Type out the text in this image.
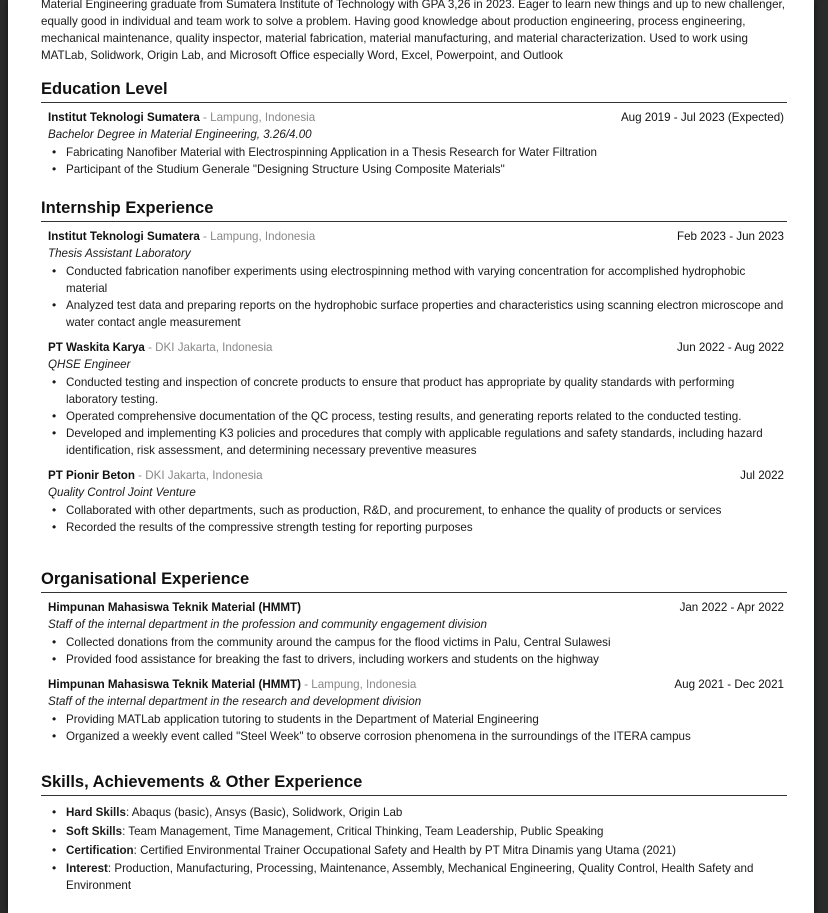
Material Engineering graduate from Sumatera Institute of Technology with GPA 3,26 in 2023. Eager to learn new things and up to new challenger, equally good in individual and team work to solve a problem. Having good knowledge about production engineering, process engineering, mechanical maintenance, quality inspector, material fabrication, material manufacturing, and material characterization. Used to work using MATLab, Solidwork, Origin Lab, and Microsoft Office especially Word, Excel, Powerpoint, and Outlook

Education Level
Institut Teknologi Sumatera - Lampung, Indonesia	Aug 2019 - Jul 2023 (Expected)
Bachelor Degree in Material Engineering, 3.26/4.00
• Fabricating Nanofiber Material with Electrospinning Application in a Thesis Research for Water Filtration
• Participant of the Studium Generale "Designing Structure Using Composite Materials"
Internship Experience
Institut Teknologi Sumatera - Lampung, Indonesia	Feb 2023 - Jun 2023
Thesis Assistant Laboratory
• Conducted fabrication nanofiber experiments using electrospinning method with varying concentration for accomplished hydrophobic material
• Analyzed test data and preparing reports on the hydrophobic surface properties and characteristics using scanning electron microscope and water contact angle measurement
PT Waskita Karya - DKI Jakarta, Indonesia	Jun 2022 - Aug 2022
QHSE Engineer
• Conducted testing and inspection of concrete products to ensure that product has appropriate by quality standards with performing laboratory testing.
• Operated comprehensive documentation of the QC process, testing results, and generating reports related to the conducted testing.
• Developed and implementing K3 policies and procedures that comply with applicable regulations and safety standards, including hazard identification, risk assessment, and determining necessary preventive measures
PT Pionir Beton - DKI Jakarta, Indonesia	Jul 2022
Quality Control Joint Venture
• Collaborated with other departments, such as production, R&D, and procurement, to enhance the quality of products or services
• Recorded the results of the compressive strength testing for reporting purposes
Organisational Experience
Himpunan Mahasiswa Teknik Material (HMMT)	Jan 2022 - Apr 2022
Staff of the internal department in the profession and community engagement division
• Collected donations from the community around the campus for the flood victims in Palu, Central Sulawesi
• Provided food assistance for breaking the fast to drivers, including workers and students on the highway
Himpunan Mahasiswa Teknik Material (HMMT) - Lampung, Indonesia	Aug 2021 - Dec 2021
Staff of the internal department in the research and development division
• Providing MATLab application tutoring to students in the Department of Material Engineering
• Organized a weekly event called "Steel Week" to observe corrosion phenomena in the surroundings of the ITERA campus
Skills, Achievements & Other Experience
• Hard Skills: Abaqus (basic), Ansys (Basic), Solidwork, Origin Lab
• Soft Skills: Team Management, Time Management, Critical Thinking, Team Leadership, Public Speaking
• Certification: Certified Environmental Trainer Occupational Safety and Health by PT Mitra Dinamis yang Utama (2021)
• Interest: Production, Manufacturing, Processing, Maintenance, Assembly, Mechanical Engineering, Quality Control, Health Safety and Environment
